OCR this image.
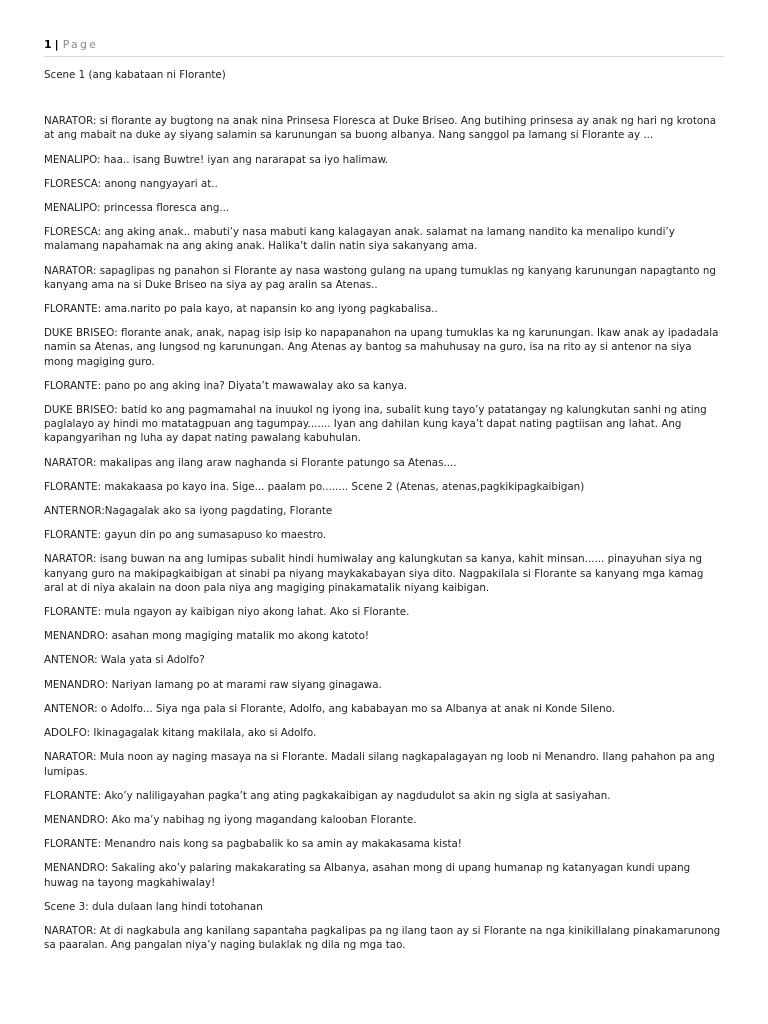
1 | Page

Scene 1 (ang kabataan ni Florante)

NARATOR: si florante ay bugtong na anak nina Prinsesa Floresca at Duke Briseo. Ang butihing prinsesa ay anak ng hari ng krotona at ang mabait na duke ay siyang salamin sa karunungan sa buong albanya. Nang sanggol pa lamang si Florante ay ...

MENALIPO: haa.. isang Buwtre! iyan ang nararapat sa iyo halimaw.

FLORESCA: anong nangyayari at..

MENALIPO: princessa floresca ang...

FLORESCA: ang aking anak.. mabuti’y nasa mabuti kang kalagayan anak. salamat na lamang nandito ka menalipo kundi’y malamang napahamak na ang aking anak. Halika’t dalin natin siya sakanyang ama.

NARATOR: sapaglipas ng panahon si Florante ay nasa wastong gulang na upang tumuklas ng kanyang karunungan napagtanto ng kanyang ama na si Duke Briseo na siya ay pag aralin sa Atenas..

FLORANTE: ama.narito po pala kayo, at napansin ko ang iyong pagkabalisa..

DUKE BRISEO: florante anak, anak, napag isip isip ko napapanahon na upang tumuklas ka ng karunungan. Ikaw anak ay ipadadala namin sa Atenas, ang lungsod ng karunungan. Ang Atenas ay bantog sa mahuhusay na guro, isa na rito ay si antenor na siya mong magiging guro.

FLORANTE: pano po ang aking ina? Diyata’t mawawalay ako sa kanya.

DUKE BRISEO: batid ko ang pagmamahal na inuukol ng iyong ina, subalit kung tayo’y patatangay ng kalungkutan sanhi ng ating paglalayo ay hindi mo matatagpuan ang tagumpay....... Iyan ang dahilan kung kaya’t dapat nating pagtiisan ang lahat. Ang kapangyarihan ng luha ay dapat nating pawalang kabuhulan.

NARATOR: makalipas ang ilang araw naghanda si Florante patungo sa Atenas....

FLORANTE: makakaasa po kayo ina. Sige... paalam po........ Scene 2 (Atenas, atenas,pagkikipagkaibigan)

ANTERNOR:Nagagalak ako sa iyong pagdating, Florante

FLORANTE: gayun din po ang sumasapuso ko maestro.

NARATOR: isang buwan na ang lumipas subalit hindi humiwalay ang kalungkutan sa kanya, kahit minsan...... pinayuhan siya ng kanyang guro na makipagkaibigan at sinabi pa niyang maykakabayan siya dito. Nagpakilala si Florante sa kanyang mga kamag aral at di niya akalain na doon pala niya ang magiging pinakamatalik niyang kaibigan.

FLORANTE: mula ngayon ay kaibigan niyo akong lahat. Ako si Florante.

MENANDRO: asahan mong magiging matalik mo akong katoto!

ANTENOR: Wala yata si Adolfo?

MENANDRO: Nariyan lamang po at marami raw siyang ginagawa.

ANTENOR: o Adolfo... Siya nga pala si Florante, Adolfo, ang kababayan mo sa Albanya at anak ni Konde Sileno.

ADOLFO: Ikinagagalak kitang makilala, ako si Adolfo.

NARATOR: Mula noon ay naging masaya na si Florante. Madali silang nagkapalagayan ng loob ni Menandro. Ilang pahahon pa ang lumipas.

FLORANTE: Ako’y naliligayahan pagka’t ang ating pagkakaibigan ay nagdudulot sa akin ng sigla at sasiyahan.

MENANDRO: Ako ma’y nabihag ng iyong magandang kalooban Florante.

FLORANTE: Menandro nais kong sa pagbabalik ko sa amin ay makakasama kista!

MENANDRO: Sakaling ako’y palaring makakarating sa Albanya, asahan mong di upang humanap ng katanyagan kundi upang huwag na tayong magkahiwalay!

Scene 3: dula dulaan lang hindi totohanan

NARATOR: At di nagkabula ang kanilang sapantaha pagkalipas pa ng ilang taon ay si Florante na nga kinikillalang pinakamarunong sa paaralan. Ang pangalan niya’y naging bulaklak ng dila ng mga tao.
